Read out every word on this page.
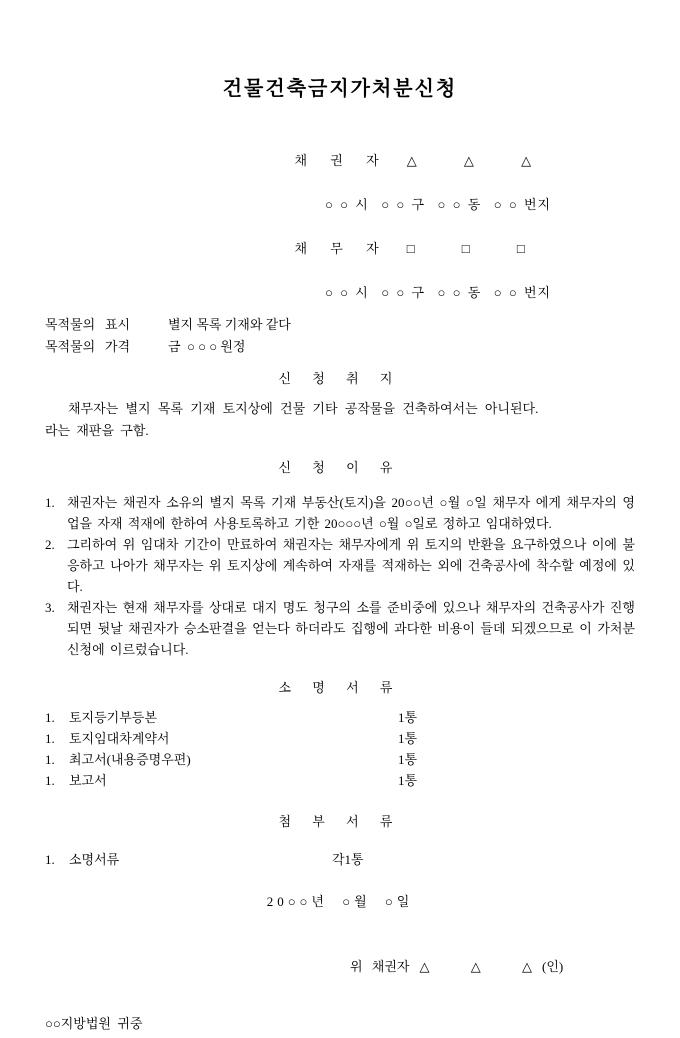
건물건축금지가처분신청

채 권 자 △ △ △

○ ○ 시  ○ ○ 구  ○ ○ 동  ○ ○ 번지

채 무 자 □ □ □

○ ○ 시  ○ ○ 구  ○ ○ 동  ○ ○ 번지
목적물의   표시	별지 목록 기재와 같다
목적물의   가격	금  ○ ○ ○ 원정
신 청 취 지
채무자는 별지 목록 기재 토지상에 건물 기타 공작물을 건축하여서는 아니된다.
라는 재판을 구함.
신 청 이 유
1. 채권자는 채권자 소유의 별지 목록 기재 부동산(토지)을 20○○년 ○월 ○일 채무자 에게 채무자의 영업을 자재 적재에 한하여 사용토록하고 기한 20○○○년 ○월 ○일로 정하고 임대하였다.
2. 그리하여 위 임대차 기간이 만료하여 채권자는 채무자에게 위 토지의 반환을 요구하였으나 이에 불응하고 나아가 채무자는 위 토지상에 계속하여 자재를 적재하는 외에 건축공사에 착수할 예정에 있다.
3. 채권자는 현재 채무자를 상대로 대지 명도 청구의 소를 준비중에 있으나 채무자의 건축공사가 진행되면 뒷날 채권자가 승소판결을 얻는다 하더라도 집행에 과다한 비용이 들데 되겠으므로 이 가처분신청에 이르렀습니다.
소 명 서 류
1.	토지등기부등본	1통
1.	토지임대차계약서	1통
1.	최고서(내용증명우편)	1통
1.	보고서	1통
첨 부 서 류
1.	소명서류	각1통
20○○년 ○월 ○일

위 채권자 △ △ △ (인)

○○지방법원  귀중
